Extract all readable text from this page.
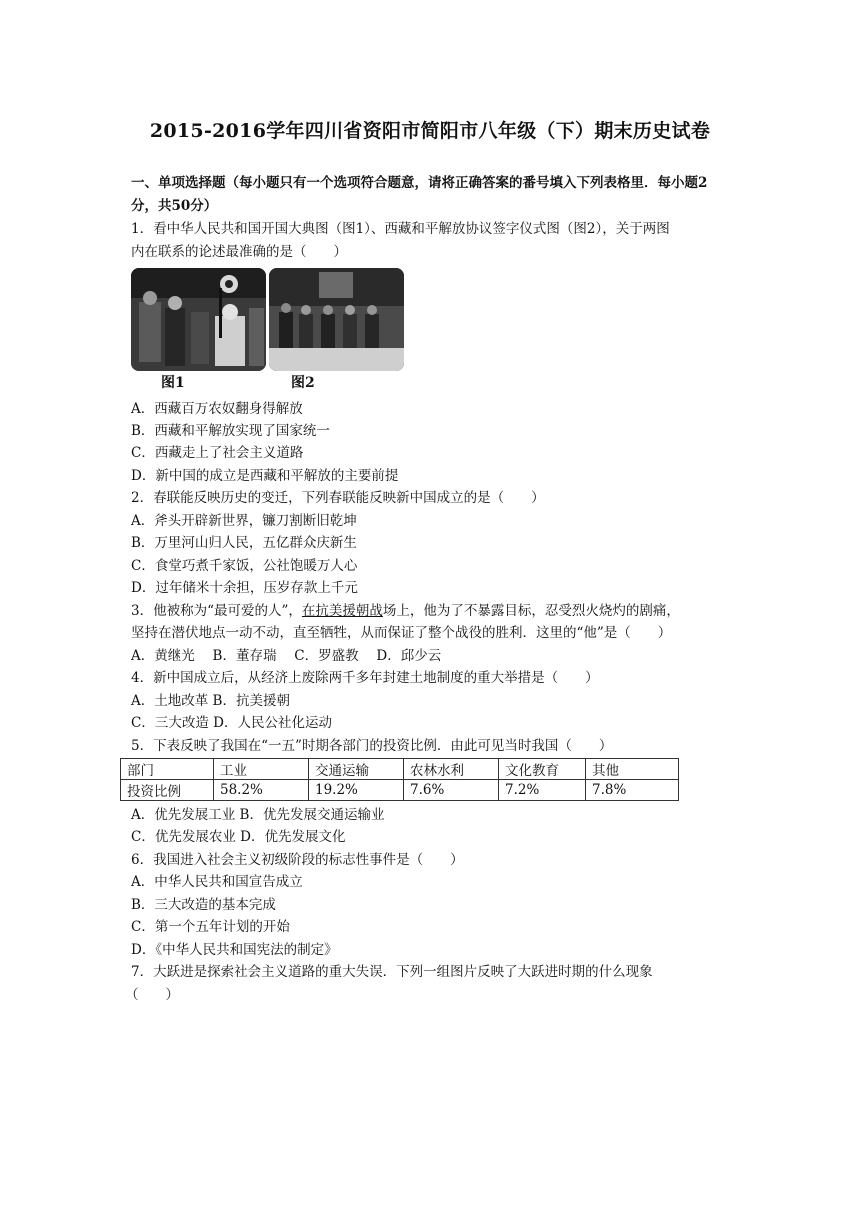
2015-2016学年四川省资阳市简阳市八年级（下）期末历史试卷
一、单项选择题（每小题只有一个选项符合题意，请将正确答案的番号填入下列表格里．每小题2分，共50分）
1．看中华人民共和国开国大典图（图1）、西藏和平解放协议签字仪式图（图2），关于两图
内在联系的论述最准确的是（　　）
图1	图2
A．西藏百万农奴翻身得解放
B．西藏和平解放实现了国家统一
C．西藏走上了社会主义道路
D．新中国的成立是西藏和平解放的主要前提
2．春联能反映历史的变迁，下列春联能反映新中国成立的是（　　）
A．斧头开辟新世界，镰刀割断旧乾坤
B．万里河山归人民，五亿群众庆新生
C．食堂巧煮千家饭，公社饱暖万人心
D．过年储米十余担，压岁存款上千元
3．他被称为“最可爱的人”，在抗美援朝战场上，他为了不暴露目标，忍受烈火烧灼的剧痛，
坚持在潜伏地点一动不动，直至牺牲，从而保证了整个战役的胜利．这里的“他”是（　　）
A．黄继光　 B．董存瑞　 C．罗盛教　 D．邱少云
4．新中国成立后，从经济上废除两千多年封建土地制度的重大举措是（　　）
A．土地改革 B．抗美援朝
C．三大改造 D．人民公社化运动
5．下表反映了我国在“一五”时期各部门的投资比例．由此可见当时我国（　　）
部门	工业	交通运输	农林水利	文化教育	其他
投资比例	58.2%	19.2%	7.6%	7.2%	7.8%
A．优先发展工业 B．优先发展交通运输业
C．优先发展农业 D．优先发展文化
6．我国进入社会主义初级阶段的标志性事件是（　　）
A．中华人民共和国宣告成立
B．三大改造的基本完成
C．第一个五年计划的开始
D．《中华人民共和国宪法的制定》
7．大跃进是探索社会主义道路的重大失误．下列一组图片反映了大跃进时期的什么现象
（　　）
